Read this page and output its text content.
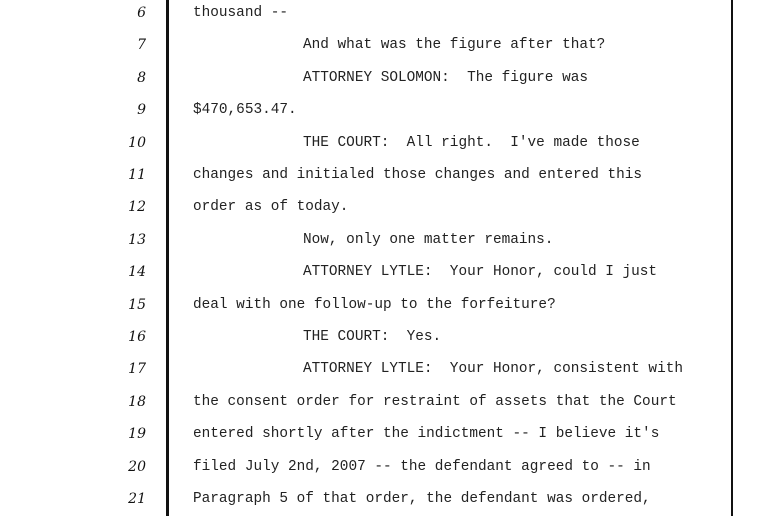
6	thousand --
7	And what was the figure after that?
8	ATTORNEY SOLOMON:  The figure was
9	$470,653.47.
10	THE COURT:  All right.  I've made those
11	changes and initialed those changes and entered this
12	order as of today.
13	Now, only one matter remains.
14	ATTORNEY LYTLE:  Your Honor, could I just
15	deal with one follow-up to the forfeiture?
16	THE COURT:  Yes.
17	ATTORNEY LYTLE:  Your Honor, consistent with
18	the consent order for restraint of assets that the Court
19	entered shortly after the indictment -- I believe it's
20	filed July 2nd, 2007 -- the defendant agreed to -- in
21	Paragraph 5 of that order, the defendant was ordered,
